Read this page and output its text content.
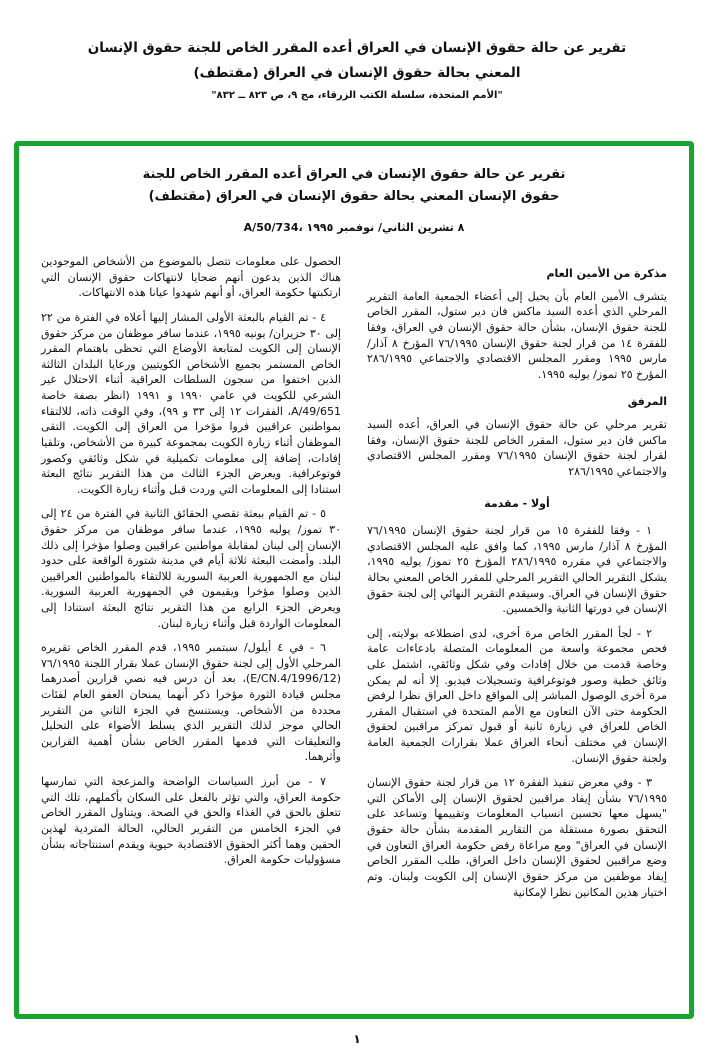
تقرير عن حالة حقوق الإنسان في العراق أعده المقرر الخاص للجنة حقوق الإنسان
المعني بحالة حقوق الإنسان في العراق (مقتطف)
"الأمم المتحدة، سلسلة الكتب الزرقاء، مج ٩، ص ٨٢٣ ــ ٨٣٢"
تقرير عن حالة حقوق الإنسان في العراق أعده المقرر الخاص للجنة
حقوق الإنسان المعني بحالة حقوق الإنسان في العراق (مقتطف)
A/50/734، ٨ تشرين الثاني/ نوفمبر ١٩٩٥
مذكرة من الأمين العام
يتشرف الأمين العام بأن يحيل إلى أعضاء الجمعية العامة التقرير المرحلي الذي أعده السيد ماكس فان دير ستول، المقرر الخاص للجنة حقوق الإنسان، بشأن حالة حقوق الإنسان في العراق، وفقا للفقرة ١٤ من قرار لجنة حقوق الإنسان ٧٦/١٩٩٥ المؤرخ ٨ آذار/ مارس ١٩٩٥ ومقرر المجلس الاقتصادي والاجتماعي ٢٨٦/١٩٩٥ المؤرخ ٢٥ تموز/ يوليه ١٩٩٥.
المرفق
تقرير مرحلي عن حالة حقوق الإنسان في العراق، أعده السيد ماكس فان دير ستول، المقرر الخاص للجنة حقوق الإنسان، وفقا لقرار لجنة حقوق الإنسان ٧٦/١٩٩٥ ومقرر المجلس الاقتصادي والاجتماعي ٢٨٦/١٩٩٥
أولا - مقدمة
١ - وفقا للفقرة ١٥ من قرار لجنة حقوق الإنسان ٧٦/١٩٩٥ المؤرخ ٨ آذار/ مارس ١٩٩٥، كما وافق عليه المجلس الاقتصادي والاجتماعي في مقرره ٢٨٦/١٩٩٥ المؤرخ ٢٥ تموز/ يوليه ١٩٩٥، يشكل التقرير الحالي التقرير المرحلي للمقرر الخاص المعني بحالة حقوق الإنسان في العراق. وسيقدم التقرير النهائي إلى لجنة حقوق الإنسان في دورتها الثانية والخمسين.
٢ - لجأ المقرر الخاص مرة أخرى، لدى اضطلاعه بولايته، إلى فحص مجموعة واسعة من المعلومات المتصلة بادعاءات عامة وخاصة قدمت من خلال إفادات وفي شكل وثائقي، اشتمل على وثائق خطية وصور فوتوغرافية وتسجيلات فيديو. إلا أنه لم يمكن مرة أخرى الوصول المباشر إلى المواقع داخل العراق نظرا لرفض الحكومة حتى الآن التعاون مع الأمم المتحدة في استقبال المقرر الخاص للعراق في زيارة ثانية أو قبول تمركز مراقبين لحقوق الإنسان في مختلف أنحاء العراق عملا بقرارات الجمعية العامة ولجنة حقوق الإنسان.
٣ - وفي معرض تنفيذ الفقرة ١٢ من قرار لجنة حقوق الإنسان ٧٦/١٩٩٥ بشأن إيفاد مراقبين لحقوق الإنسان إلى الأماكن التي "يسهل معها تحسين انسياب المعلومات وتقييمها وتساعد على التحقق بصورة مستقلة من التقارير المقدمة بشأن حالة حقوق الإنسان في العراق" ومع مراعاة رفض حكومة العراق التعاون في وضع مراقبين لحقوق الإنسان داخل العراق، طلب المقرر الخاص إيفاد موظفين من مركز حقوق الإنسان إلى الكويت ولبنان. وتم اختيار هذين المكانين نظرا لإمكانية
الحصول على معلومات تتصل بالموضوع من الأشخاص الموجودين هناك الذين يدعون أنهم ضحايا لانتهاكات حقوق الإنسان التي ارتكبتها حكومة العراق، أو أنهم شهدوا عيانا هذه الانتهاكات.
٤ - تم القيام بالبعثة الأولى المشار إليها أعلاه في الفترة من ٢٢ إلى ٣٠ حزيران/ يونيه ١٩٩٥، عندما سافر موظفان من مركز حقوق الإنسان إلى الكويت لمتابعة الأوضاع التي تحظى باهتمام المقرر الخاص المستمر بجميع الأشخاص الكويتيين ورعايا البلدان الثالثة الذين اختفوا من سجون السلطات العراقية أثناء الاحتلال غير الشرعي للكويت في عامي ١٩٩٠ و ١٩٩١ (انظر بصفة خاصة A/49/651، الفقرات ١٢ إلى ٣٣ و ٩٩)، وفي الوقت ذاته، للالتقاء بمواطنين عراقيين فروا مؤخرا من العراق إلى الكويت. التقى الموظفان أثناء زيارة الكويت بمجموعة كبيرة من الأشخاص، وتلقيا إفادات، إضافة إلى معلومات تكميلية في شكل وثائقي وكصور فوتوغرافية. ويعرض الجزء الثالث من هذا التقرير نتائج البعثة استنادا إلى المعلومات التي وردت قبل وأثناء زيارة الكويت.
٥ - تم القيام ببعثة تقصي الحقائق الثانية في الفترة من ٢٤ إلى ٣٠ تموز/ يوليه ١٩٩٥، عندما سافر موظفان من مركز حقوق الإنسان إلى لبنان لمقابلة مواطنين عراقيين وصلوا مؤخرا إلى ذلك البلد. وأمضت البعثة ثلاثة أيام في مدينة شتورة الواقعة على حدود لبنان مع الجمهورية العربية السورية للالتقاء بالمواطنين العراقيين الذين وصلوا مؤخرا ويقيمون في الجمهورية العربية السورية. ويعرض الجزء الرابع من هذا التقرير نتائج البعثة استنادا إلى المعلومات الواردة قبل وأثناء زيارة لبنان.
٦ - في ٤ أيلول/ سبتمبر ١٩٩٥، قدم المقرر الخاص تقريره المرحلي الأول إلى لجنة حقوق الإنسان عملا بقرار اللجنة ٧٦/١٩٩٥ (E/CN.4/1996/12)، بعد أن درس فيه نصي قرارين أصدرهما مجلس قيادة الثورة مؤخرا ذكر أنهما يمنحان العفو العام لفئات محددة من الأشخاص. ويستنسخ في الجزء الثاني من التقرير الحالي موجز لذلك التقرير الذي يسلط الأضواء على التحليل والتعليقات التي قدمها المقرر الخاص بشأن أهمية القرارين وأثرهما.
٧ - من أبرز السياسات الواضحة والمزعجة التي تمارسها حكومة العراق، والتي تؤثر بالفعل على السكان بأكملهم، تلك التي تتعلق بالحق في الغذاء والحق في الصحة. ويتناول المقرر الخاص في الجزء الخامس من التقرير الحالي، الحالة المتردية لهذين الحقين وهما أكثر الحقوق الاقتصادية حيوية ويقدم استنتاجاته بشأن مسؤوليات حكومة العراق.
١
